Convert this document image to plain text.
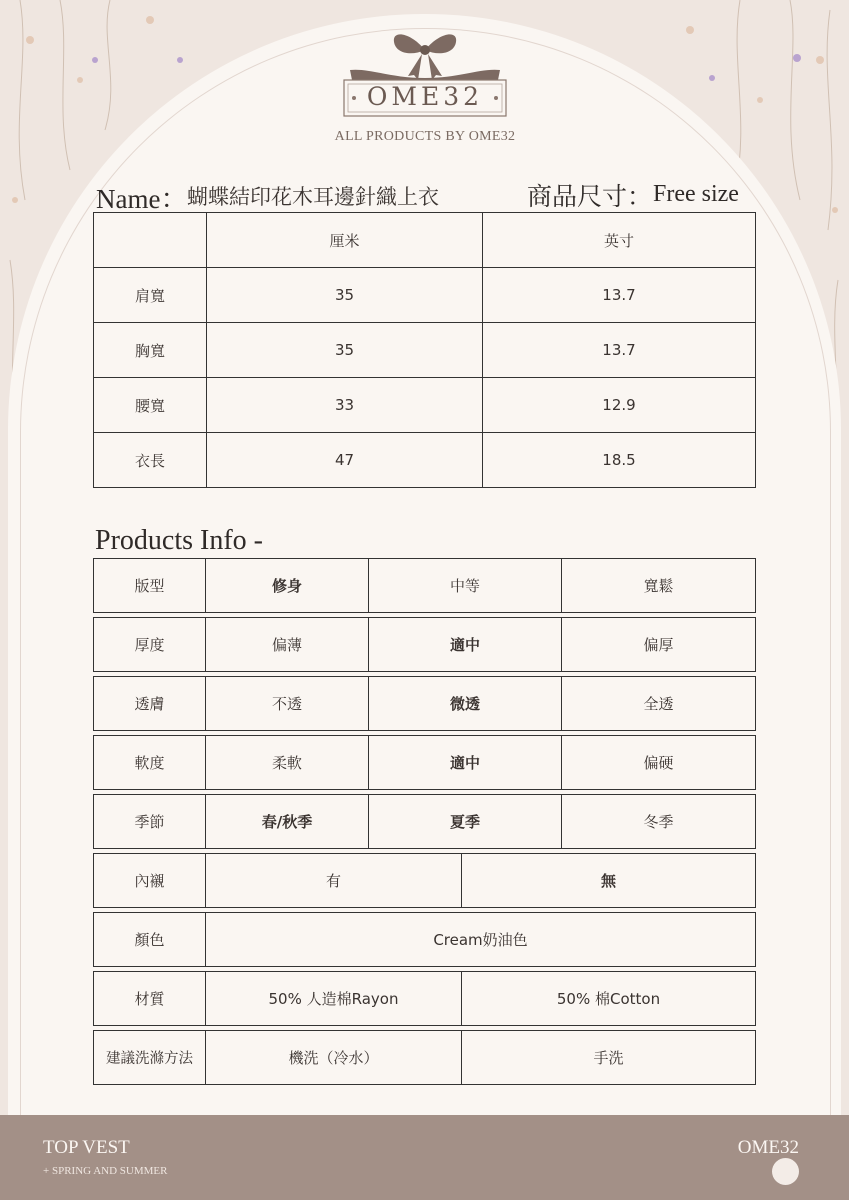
OME32
ALL PRODUCTS BY OME32
Name： 蝴蝶結印花木耳邊針織上衣	商品尺寸： Free size
	厘米	英寸
肩寬	35	13.7
胸寬	35	13.7
腰寬	33	12.9
衣長	47	18.5
Products Info -
版型	修身	中等	寬鬆
厚度	偏薄	適中	偏厚
透膚	不透	微透	全透
軟度	柔軟	適中	偏硬
季節	春/秋季	夏季	冬季
內襯	有	無
顏色	Cream奶油色
材質	50% 人造棉Rayon	50% 棉Cotton
建議洗滌方法	機洗（冷水）	手洗
TOP VEST
+ SPRING AND SUMMER
OME32
